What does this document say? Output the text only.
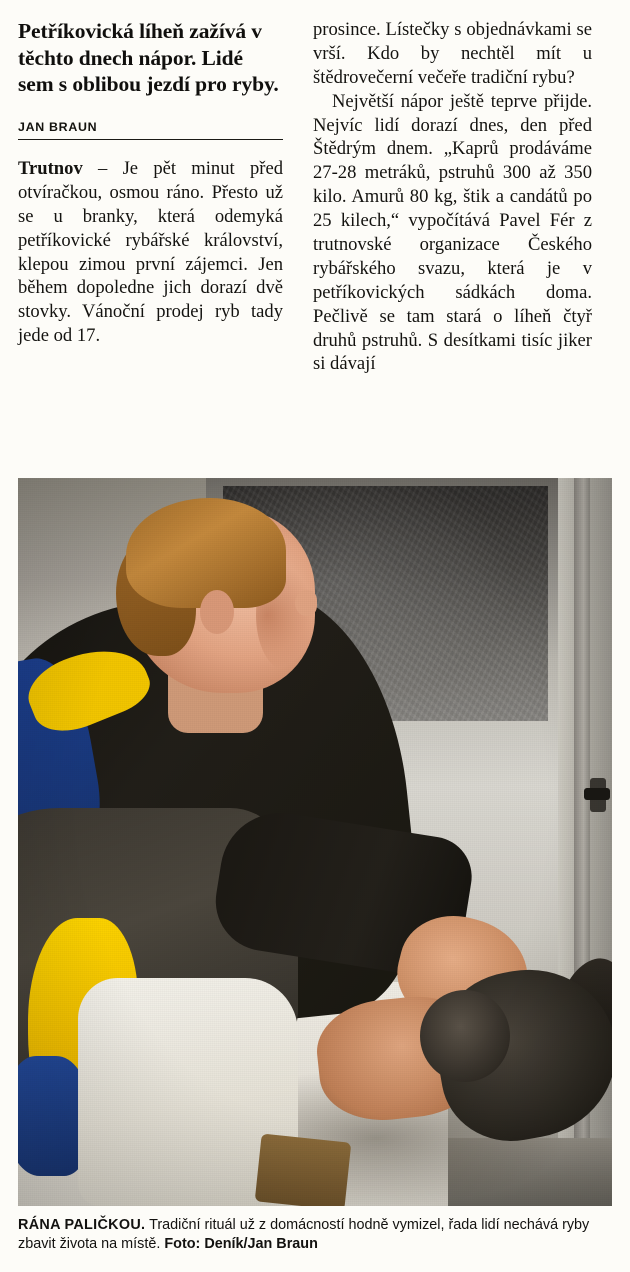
Petříkovická líheň zažívá v těchto dnech nápor. Lidé sem s oblibou jezdí pro ryby.
JAN BRAUN

Trutnov – Je pět minut před otvíračkou, osmou ráno. Přesto už se u branky, která odemyká petříkovické rybářské království, klepou zimou první zájemci. Jen během dopoledne jich dorazí dvě stovky. Vánoční prodej ryb tady jede od 17.

prosince. Lístečky s objednávkami se vrší. Kdo by nechtěl mít u štědrovečerní večeře tradiční rybu?

Největší nápor ještě teprve přijde. Nejvíc lidí dorazí dnes, den před Štědrým dnem. „Kaprů prodáváme 27-28 metráků, pstruhů 300 až 350 kilo. Amurů 80 kg, štik a candátů po 25 kilech,“ vypočítává Pavel Fér z trutnovské organizace Českého rybářského svazu, která je v petříkovických sádkách doma. Pečlivě se tam stará o líheň čtyř druhů pstruhů. S desítkami tisíc jiker si dávají

RÁNA PALIČKOU. Tradiční rituál už z domácností hodně vymizel, řada lidí nechává ryby zbavit života na místě. Foto: Deník/Jan Braun
